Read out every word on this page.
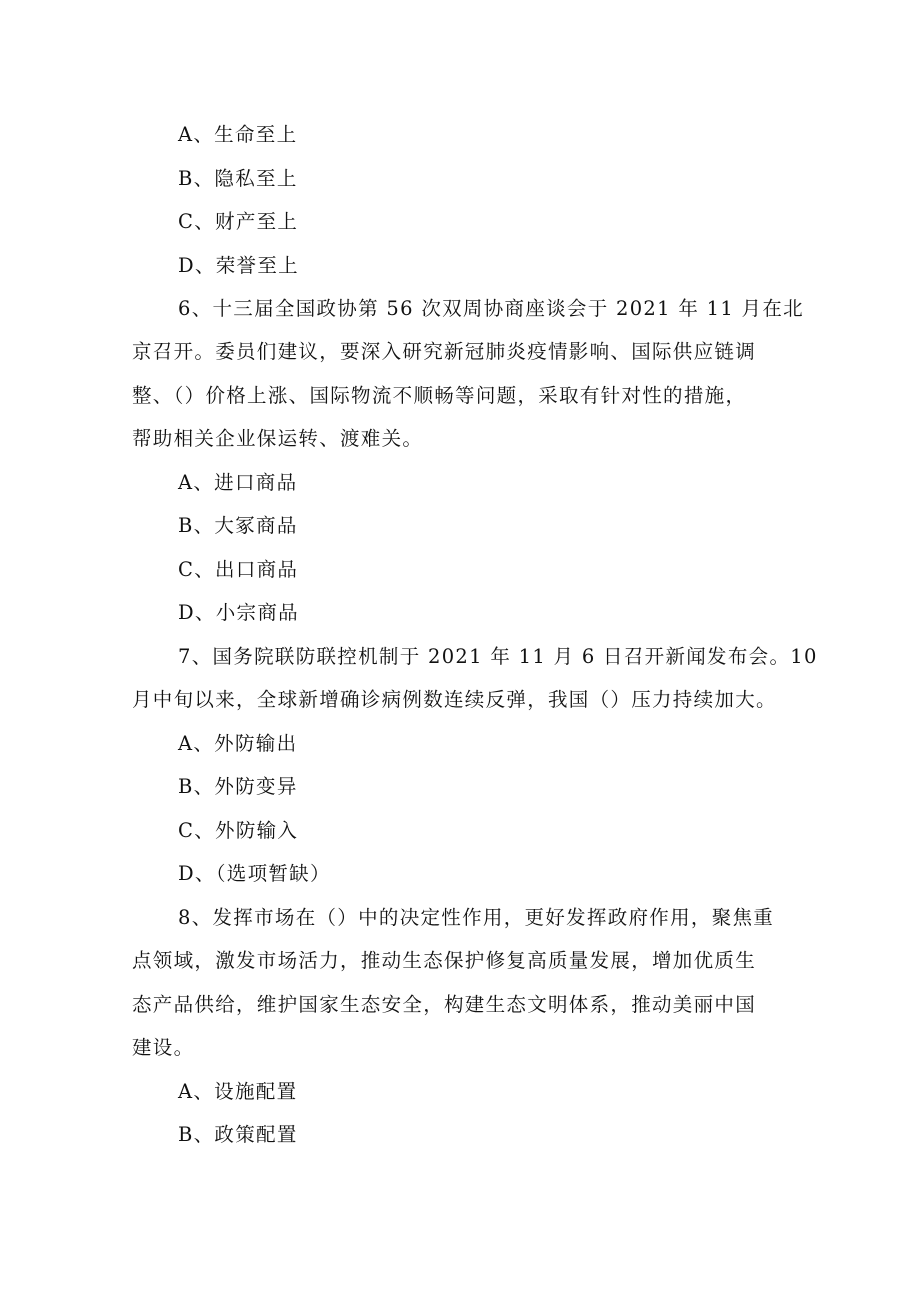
A、生命至上
B、隐私至上
C、财产至上
D、荣誉至上
6、十三届全国政协第 56 次双周协商座谈会于 2021 年 11 月在北
京召开。委员们建议，要深入研究新冠肺炎疫情影响、国际供应链调
整、（）价格上涨、国际物流不顺畅等问题，采取有针对性的措施，
帮助相关企业保运转、渡难关。
A、进口商品
B、大冢商品
C、出口商品
D、小宗商品
7、国务院联防联控机制于 2021 年 11 月 6 日召开新闻发布会。10
月中旬以来，全球新增确诊病例数连续反弹，我国（）压力持续加大。
A、外防输出
B、外防变异
C、外防输入
D、（选项暂缺）
8、发挥市场在（）中的决定性作用，更好发挥政府作用，聚焦重
点领域，激发市场活力，推动生态保护修复高质量发展，增加优质生
态产品供给，维护国家生态安全，构建生态文明体系，推动美丽中国
建设。
A、设施配置
B、政策配置
